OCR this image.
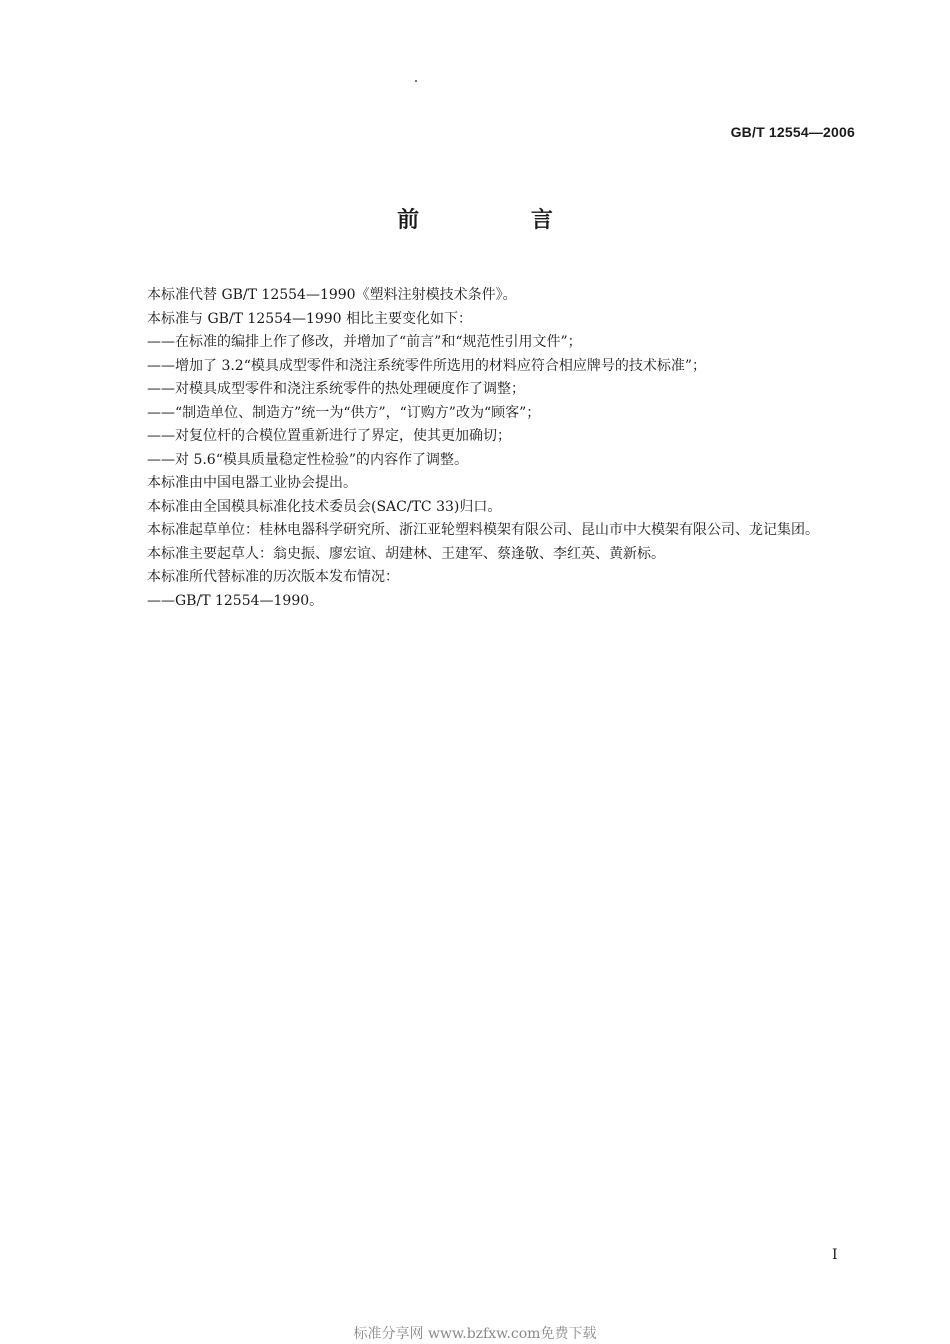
GB/T 12554—2006
前 言

本标准代替 GB/T 12554—1990《塑料注射模技术条件》。

本标准与 GB/T 12554—1990 相比主要变化如下：

——在标准的编排上作了修改，并增加了“前言”和“规范性引用文件”；

——增加了 3.2“模具成型零件和浇注系统零件所选用的材料应符合相应牌号的技术标准”；

——对模具成型零件和浇注系统零件的热处理硬度作了调整；

——“制造单位、制造方”统一为“供方”，“订购方”改为“顾客”；

——对复位杆的合模位置重新进行了界定，使其更加确切；

——对 5.6“模具质量稳定性检验”的内容作了调整。

本标准由中国电器工业协会提出。

本标准由全国模具标准化技术委员会(SAC/TC 33)归口。

本标准起草单位：桂林电器科学研究所、浙江亚轮塑料模架有限公司、昆山市中大模架有限公司、龙记集团。

本标准主要起草人：翁史振、廖宏谊、胡建林、王建军、蔡逢敬、李红英、黄新标。

本标准所代替标准的历次版本发布情况：

——GB/T 12554—1990。

I
标准分享网 www.bzfxw.com免费下载
